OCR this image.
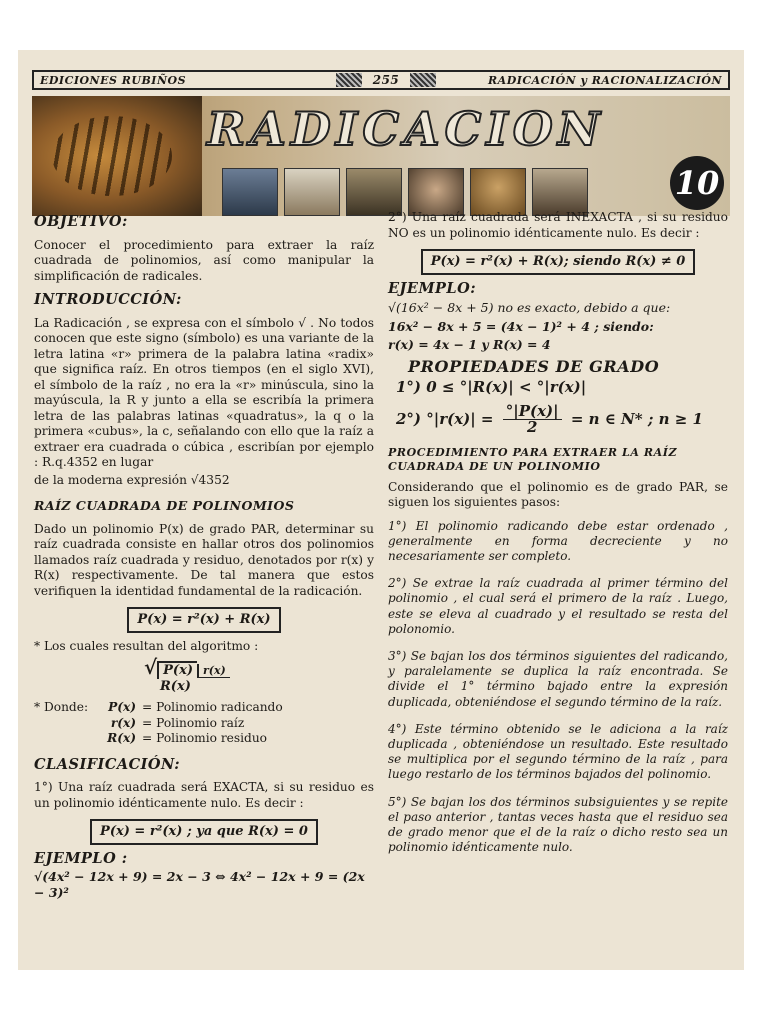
EDICIONES RUBIÑOS	255	RADICACIÓN y RACIONALIZACIÓN
RADICACION
10
OBJETIVO:

Conocer el procedimiento para extraer la raíz cuadrada de polinomios, así como manipular la simplificación de radicales.

INTRODUCCIÓN:

La Radicación , se expresa con el símbolo √ . No todos conocen que este signo (símbolo) es una variante de la letra latina «r» primera de la palabra latina «radix» que significa raíz. En otros tiempos (en el siglo XVI), el símbolo de la raíz , no era la «r» minúscula, sino la mayúscula, la R y junto a ella se escribía la primera letra de las palabras latinas «quadratus», la q o la primera «cubus», la c, señalando con ello que la raíz a extraer era cuadrada o cúbica , escribían por ejemplo : R.q.4352 en lugar

de la moderna expresión √4352

RAÍZ CUADRADA DE POLINOMIOS

Dado un polinomio P(x) de grado PAR, determinar su raíz cuadrada consiste en hallar otros dos polinomios llamados raíz cuadrada y residuo, denotados por r(x) y R(x) respectivamente. De tal manera que estos verifiquen la identidad fundamental de la radicación.

P(x) = r²(x) + R(x)

* Los cuales resultan del algoritmo :

√ P(x) r(x)
R(x)
* Donde:	P(x) = Polinomio radicando
r(x) = Polinomio raíz
R(x) = Polinomio residuo
CLASIFICACIÓN:

1°) Una raíz cuadrada será EXACTA, si su residuo es un polinomio idénticamente nulo. Es decir :

P(x) = r²(x) ; ya que R(x) = 0
EJEMPLO :
√(4x² − 12x + 9) = 2x − 3 ⇔ 4x² − 12x + 9 = (2x − 3)²

2°) Una raíz cuadrada será INEXACTA , si su residuo NO es un polinomio idénticamente nulo. Es decir :

P(x) = r²(x) + R(x); siendo R(x) ≠ 0
EJEMPLO:
√(16x² − 8x + 5) no es exacto, debido a que:
16x² − 8x + 5 = (4x − 1)² + 4 ; siendo:
r(x) = 4x − 1 y R(x) = 4
PROPIEDADES DE GRADO
1°) 0 ≤ °|R(x)| < °|r(x)|
2°) $^\circ|r(x)| = \frac{^\circ|P(x)|}{2} = n$ ∈ N* ; n ≥ 1
PROCEDIMIENTO PARA EXTRAER LA RAÍZ CUADRADA DE UN POLINOMIO

Considerando que el polinomio es de grado PAR, se siguen los siguientes pasos:

1°) El polinomio radicando debe estar ordenado , generalmente en forma decreciente y no necesariamente ser completo.
2°) Se extrae la raíz cuadrada al primer término del polinomio , el cual será el primero de la raíz . Luego, este se eleva al cuadrado y el resultado se resta del polonomio.
3°) Se bajan los dos términos siguientes del radicando, y paralelamente se duplica la raíz encontrada. Se divide el 1° término bajado entre la expresión duplicada, obteniéndose el segundo término de la raíz.
4°) Este término obtenido se le adiciona a la raíz duplicada , obteniéndose un resultado. Este resultado se multiplica por el segundo término de la raíz , para luego restarlo de los términos bajados del polinomio.
5°) Se bajan los dos términos subsiguientes y se repite el paso anterior , tantas veces hasta que el residuo sea de grado menor que el de la raíz o dicho resto sea un polinomio idénticamente nulo.
